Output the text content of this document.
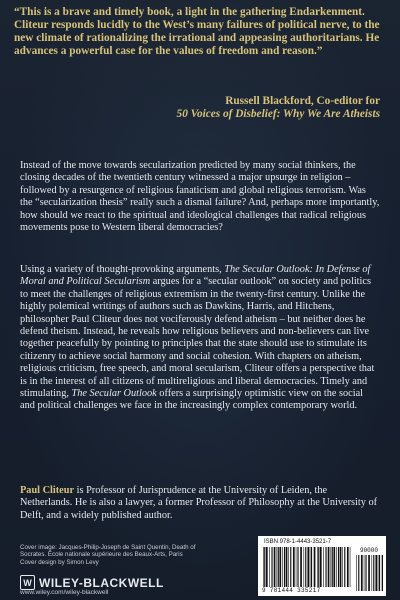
“This is a brave and timely book, a light in the gathering Endarkenment. Cliteur responds lucidly to the West’s many failures of political nerve, to the new climate of rationalizing the irrational and appeasing authoritarians. He advances a powerful case for the values of freedom and reason.”
Russell Blackford, Co-editor for
50 Voices of Disbelief: Why We Are Atheists
Instead of the move towards secularization predicted by many social thinkers, the closing decades of the twentieth century witnessed a major upsurge in religion – followed by a resurgence of religious fanaticism and global religious terrorism. Was the “secularization thesis” really such a dismal failure? And, perhaps more importantly, how should we react to the spiritual and ideological challenges that radical religious movements pose to Western liberal democracies?
Using a variety of thought-provoking arguments, The Secular Outlook: In Defense of Moral and Political Secularism argues for a “secular outlook” on society and politics to meet the challenges of religious extremism in the twenty-first century. Unlike the highly polemical writings of authors such as Dawkins, Harris, and Hitchens, philosopher Paul Cliteur does not vociferously defend atheism – but neither does he defend theism. Instead, he reveals how religious believers and non-believers can live together peacefully by pointing to principles that the state should use to stimulate its citizenry to achieve social harmony and social cohesion. With chapters on atheism, religious criticism, free speech, and moral secularism, Cliteur offers a perspective that is in the interest of all citizens of multireligious and liberal democracies. Timely and stimulating, The Secular Outlook offers a surprisingly optimistic view on the social and political challenges we face in the increasingly complex contemporary world.
Paul Cliteur is Professor of Jurisprudence at the University of Leiden, the Netherlands. He is also a lawyer, a former Professor of Philosophy at the University of Delft, and a widely published author.
Cover image: Jacques-Philip-Joseph de Saint Quentin, Death of
Socrates. École nationale supérieure des Beaux-Arts, Paris
Cover design by Simon Levy
W WILEY-BLACKWELL
www.wiley.com/wiley-blackwell
ISBN 978-1-4443-3521-7
9 781444 335217
90000
